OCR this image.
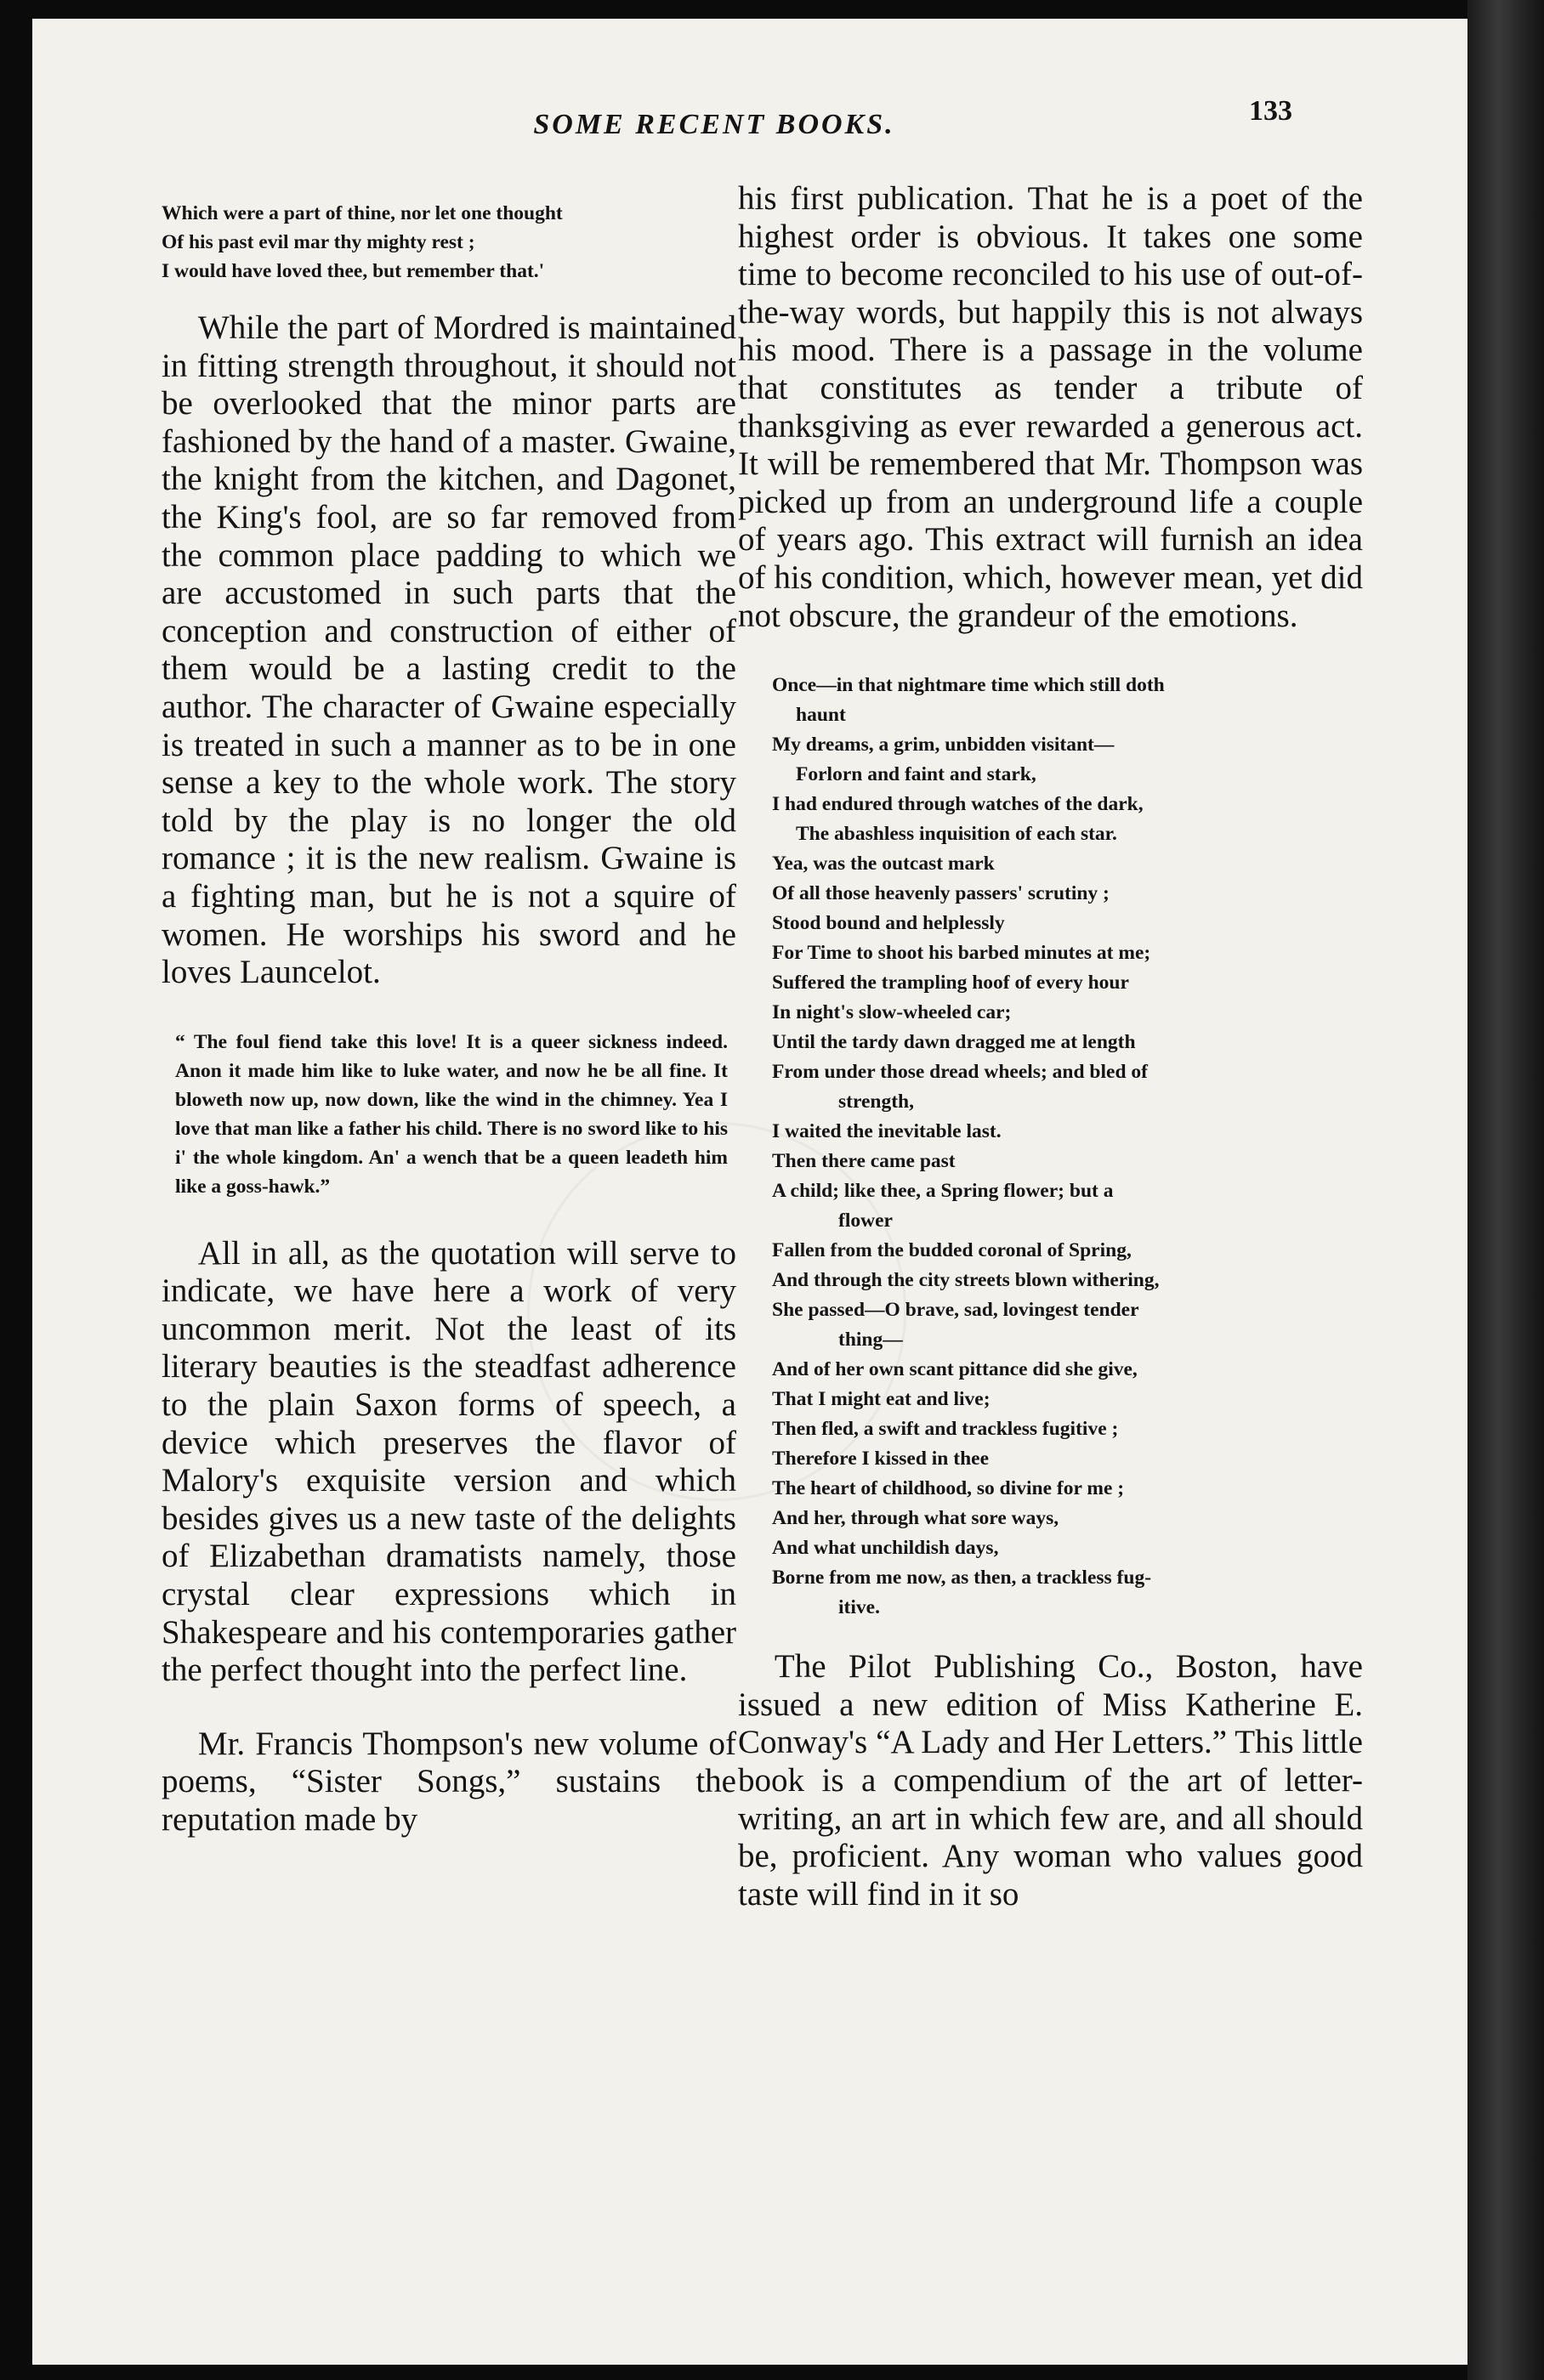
SOME RECENT BOOKS.	133
Which were a part of thine, nor let one thought
Of his past evil mar thy mighty rest ;
I would have loved thee, but remember that.'

While the part of Mordred is maintained in fitting strength throughout, it should not be overlooked that the minor parts are fashioned by the hand of a master. Gwaine, the knight from the kitchen, and Dagonet, the King's fool, are so far removed from the common place padding to which we are accustomed in such parts that the conception and construction of either of them would be a lasting credit to the author. The character of Gwaine especially is treated in such a manner as to be in one sense a key to the whole work. The story told by the play is no longer the old romance ; it is the new realism. Gwaine is a fighting man, but he is not a squire of women. He worships his sword and he loves Launcelot.

“ The foul fiend take this love! It is a queer sickness indeed. Anon it made him like to luke water, and now he be all fine. It bloweth now up, now down, like the wind in the chimney. Yea I love that man like a father his child. There is no sword like to his i' the whole kingdom. An' a wench that be a queen leadeth him like a goss-hawk.”

All in all, as the quotation will serve to indicate, we have here a work of very uncommon merit. Not the least of its literary beauties is the steadfast adherence to the plain Saxon forms of speech, a device which preserves the flavor of Malory's exquisite version and which besides gives us a new taste of the delights of Elizabethan dramatists namely, those crystal clear expressions which in Shakespeare and his contemporaries gather the perfect thought into the perfect line.

Mr. Francis Thompson's new volume of poems, “Sister Songs,” sustains the reputation made by

his first publication. That he is a poet of the highest order is obvious. It takes one some time to become reconciled to his use of out-of-the-way words, but happily this is not always his mood. There is a passage in the volume that constitutes as tender a tribute of thanksgiving as ever rewarded a generous act. It will be remembered that Mr. Thompson was picked up from an underground life a couple of years ago. This extract will furnish an idea of his condition, which, however mean, yet did not obscure, the grandeur of the emotions.

Once—in that nightmare time which still doth
haunt
My dreams, a grim, unbidden visitant—
Forlorn and faint and stark,
I had endured through watches of the dark,
The abashless inquisition of each star.
Yea, was the outcast mark
Of all those heavenly passers' scrutiny ;
Stood bound and helplessly
For Time to shoot his barbed minutes at me;
Suffered the trampling hoof of every hour
In night's slow-wheeled car;
Until the tardy dawn dragged me at length
From under those dread wheels; and bled of
strength,
I waited the inevitable last.
Then there came past
A child; like thee, a Spring flower; but a
flower
Fallen from the budded coronal of Spring,
And through the city streets blown withering,
She passed—O brave, sad, lovingest tender
thing—
And of her own scant pittance did she give,
That I might eat and live;
Then fled, a swift and trackless fugitive ;
Therefore I kissed in thee
The heart of childhood, so divine for me ;
And her, through what sore ways,
And what unchildish days,
Borne from me now, as then, a trackless fug-
itive.

The Pilot Publishing Co., Boston, have issued a new edition of Miss Katherine E. Conway's “A Lady and Her Letters.” This little book is a compendium of the art of letter-writing, an art in which few are, and all should be, proficient. Any woman who values good taste will find in it so
